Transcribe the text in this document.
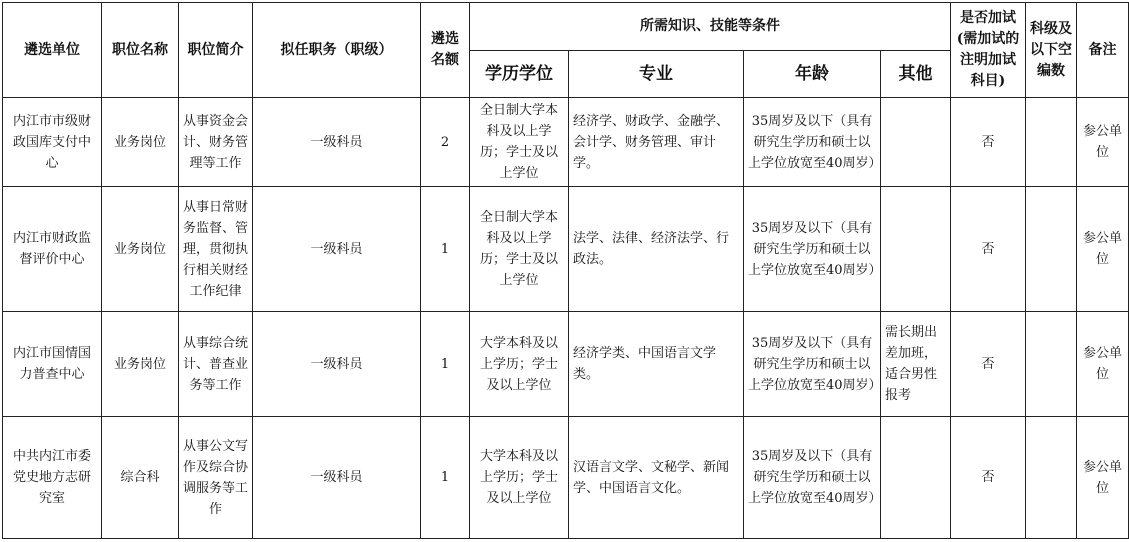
遴选单位	职位名称	职位简介	拟任职务（职级）	遴选名额	所需知识、技能等条件				是否加试(需加试的注明加试科目)	科级及以下空编数	备注
					学历学位	专业	年龄	其他			
内江市市级财政国库支付中心	业务岗位	从事资金会计、财务管理等工作	一级科员	2	全日制大学本科及以上学历；学士及以上学位	经济学、财政学、金融学、会计学、财务管理、审计学。	35周岁及以下（具有研究生学历和硕士以上学位放宽至40周岁）		否		参公单位
内江市财政监督评价中心	业务岗位	从事日常财务监督、管理，贯彻执行相关财经工作纪律	一级科员	1	全日制大学本科及以上学历；学士及以上学位	法学、法律、经济法学、行政法。	35周岁及以下（具有研究生学历和硕士以上学位放宽至40周岁）		否		参公单位
内江市国情国力普查中心	业务岗位	从事综合统计、普查业务等工作	一级科员	1	大学本科及以上学历；学士及以上学位	经济学类、中国语言文学类。	35周岁及以下（具有研究生学历和硕士以上学位放宽至40周岁）	需长期出差加班，适合男性报考	否		参公单位
中共内江市委党史地方志研究室	综合科	从事公文写作及综合协调服务等工作	一级科员	1	大学本科及以上学历；学士及以上学位	汉语言文学、文秘学、新闻学、中国语言文化。	35周岁及以下（具有研究生学历和硕士以上学位放宽至40周岁）		否		参公单位
